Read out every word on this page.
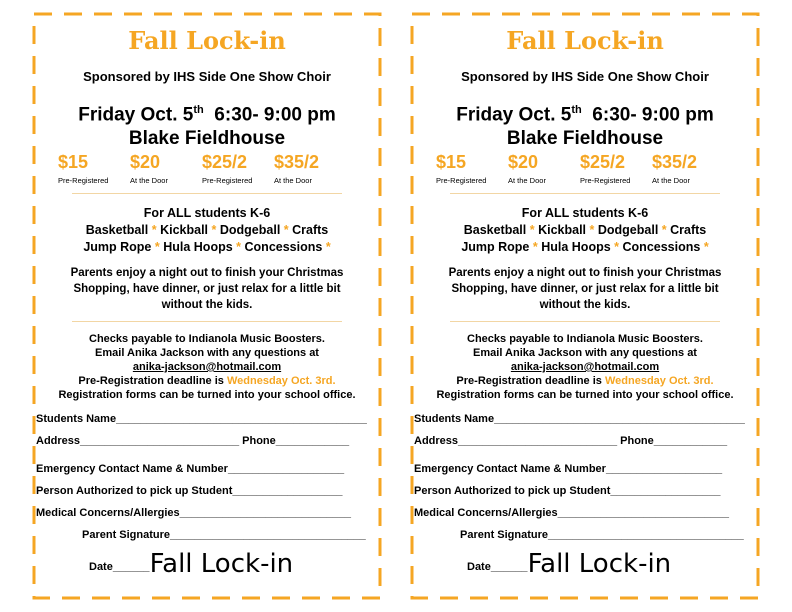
Fall Lock-in
Sponsored by IHS Side One Show Choir
Friday Oct. 5th 6:30- 9:00 pm
Blake Fieldhouse
$15
Pre-Registered
$20
At the Door
$25/2
Pre-Registered
$35/2
At the Door
For ALL students K-6
Basketball * Kickball * Dodgeball * Crafts
Jump Rope * Hula Hoops * Concessions *
Parents enjoy a night out to finish your Christmas
Shopping, have dinner, or just relax for a little bit
without the kids.
Checks payable to Indianola Music Boosters.
Email Anika Jackson with any questions at
anika-jackson@hotmail.com
Pre-Registration deadline is Wednesday Oct. 3rd.
Registration forms can be turned into your school office.
Students Name_________________________________________
Address__________________________ Phone____________
Emergency Contact Name & Number___________________
Person Authorized to pick up Student__________________
Medical Concerns/Allergies____________________________
Parent Signature________________________________
Date______Fall Lock-in
Fall Lock-in
Sponsored by IHS Side One Show Choir
Friday Oct. 5th 6:30- 9:00 pm
Blake Fieldhouse
$15
Pre-Registered
$20
At the Door
$25/2
Pre-Registered
$35/2
At the Door
For ALL students K-6
Basketball * Kickball * Dodgeball * Crafts
Jump Rope * Hula Hoops * Concessions *
Parents enjoy a night out to finish your Christmas
Shopping, have dinner, or just relax for a little bit
without the kids.
Checks payable to Indianola Music Boosters.
Email Anika Jackson with any questions at
anika-jackson@hotmail.com
Pre-Registration deadline is Wednesday Oct. 3rd.
Registration forms can be turned into your school office.
Students Name_________________________________________
Address__________________________ Phone____________
Emergency Contact Name & Number___________________
Person Authorized to pick up Student__________________
Medical Concerns/Allergies____________________________
Parent Signature________________________________
Date______Fall Lock-in
